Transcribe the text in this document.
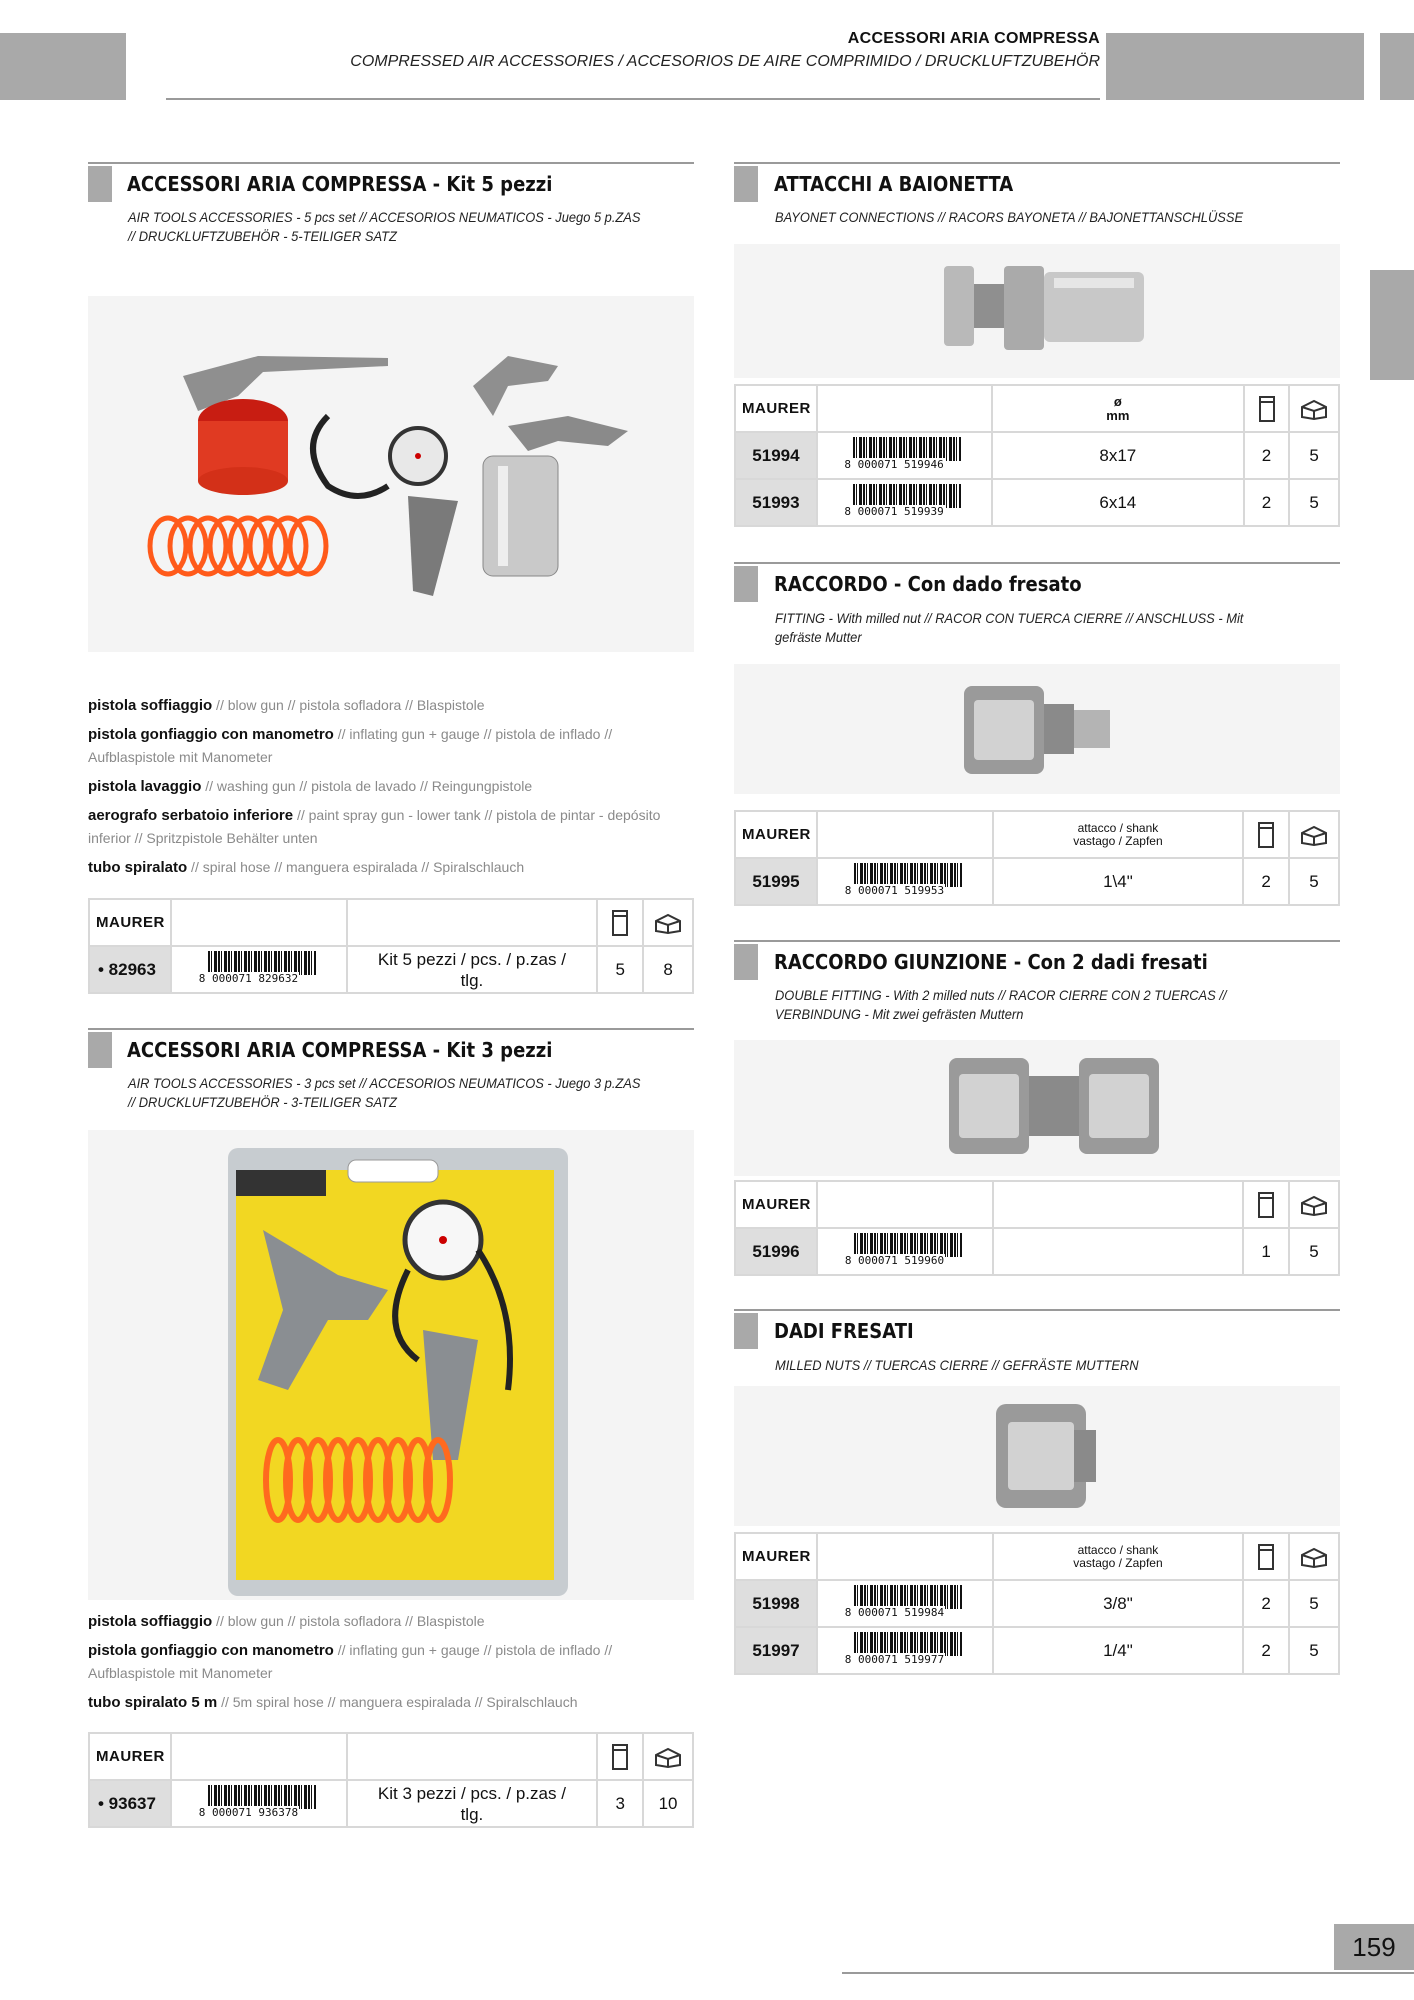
ACCESSORI ARIA COMPRESSA
COMPRESSED AIR ACCESSORIES / ACCESORIOS DE AIRE COMPRIMIDO / DRUCKLUFTZUBEHÖR
ACCESSORI ARIA COMPRESSA - Kit 5 pezzi
AIR TOOLS ACCESSORIES - 5 pcs set // ACCESORIOS NEUMATICOS - Juego 5 p.ZAS // DRUCKLUFTZUBEHÖR - 5-TEILIGER SATZ
pistola soffiaggio // blow gun // pistola sofladora // Blaspistole
pistola gonfiaggio con manometro // inflating gun + gauge // pistola de inflado // Aufblaspistole mit Manometer
pistola lavaggio // washing gun // pistola de lavado // Reingungpistole
aerografo serbatoio inferiore // paint spray gun - lower tank // pistola de pintar - depósito inferior // Spritzpistole Behälter unten
tubo spiralato // spiral hose // manguera espiralada // Spiralschlauch
MAURER			

• 82963	8 000071 829632	Kit 5 pezzi / pcs. / p.zas / tlg.	5	8
ACCESSORI ARIA COMPRESSA - Kit 3 pezzi
AIR TOOLS ACCESSORIES - 3 pcs set // ACCESORIOS NEUMATICOS - Juego 3 p.ZAS // DRUCKLUFTZUBEHÖR - 3-TEILIGER SATZ
pistola soffiaggio // blow gun // pistola sofladora // Blaspistole
pistola gonfiaggio con manometro // inflating gun + gauge // pistola de inflado // Aufblaspistole mit Manometer
tubo spiralato 5 m // 5m spiral hose // manguera espiralada // Spiralschlauch
MAURER			

• 93637	8 000071 936378	Kit 3 pezzi / pcs. / p.zas / tlg.	3	10
ATTACCHI A BAIONETTA
BAYONET CONNECTIONS // RACORS BAYONETA // BAJONETTANSCHLÜSSE
MAURER		ø mm	

51994	8 000071 519946	8x17	2	5
51993	8 000071 519939	6x14	2	5
RACCORDO - Con dado fresato
FITTING - With milled nut // RACOR CON TUERCA CIERRE // ANSCHLUSS - Mit gefräste Mutter
MAURER		attacco / shank
vastago / Zapfen

51995	8 000071 519953	1\4"	2	5
RACCORDO GIUNZIONE - Con 2 dadi fresati
DOUBLE FITTING - With 2 milled nuts // RACOR CIERRE CON 2 TUERCAS // VERBINDUNG - Mit zwei gefrästen Muttern
MAURER			

51996	8 000071 519960		1	5
DADI FRESATI
MILLED NUTS // TUERCAS CIERRE // GEFRÄSTE MUTTERN
MAURER		attacco / shank
vastago / Zapfen

51998	8 000071 519984	3/8"	2	5
51997	8 000071 519977	1/4"	2	5
159
